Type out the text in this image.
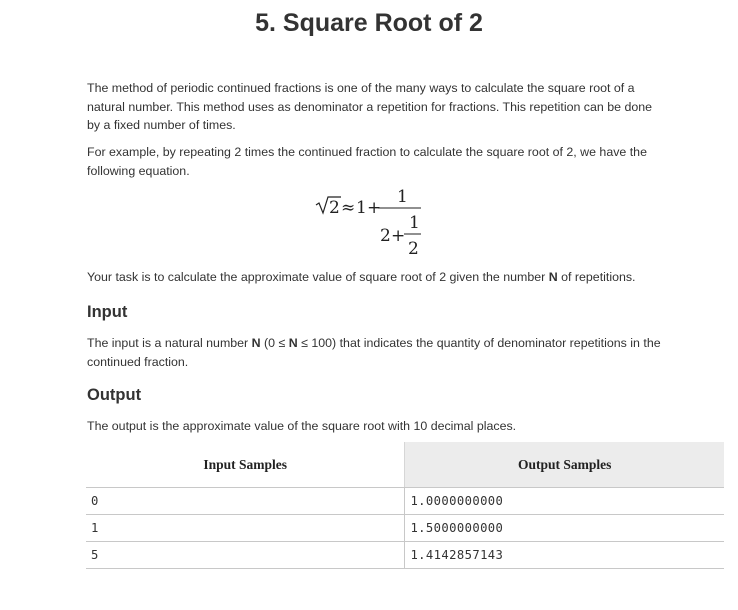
5. Square Root of 2

The method of periodic continued fractions is one of the many ways to calculate the square root of a natural number. This method uses as denominator a repetition for fractions. This repetition can be done by a fixed number of times.

For example, by repeating 2 times the continued fraction to calculate the square root of 2, we have the following equation.

2 ≈ 1 +
1
2 +
1
2

Your task is to calculate the approximate value of square root of 2 given the number N of repetitions.

Input

The input is a natural number N (0 ≤ N ≤ 100) that indicates the quantity of denominator repetitions in the continued fraction.

Output

The output is the approximate value of the square root with 10 decimal places.

Input Samples	Output Samples
0	1.0000000000
1	1.5000000000
5	1.4142857143
